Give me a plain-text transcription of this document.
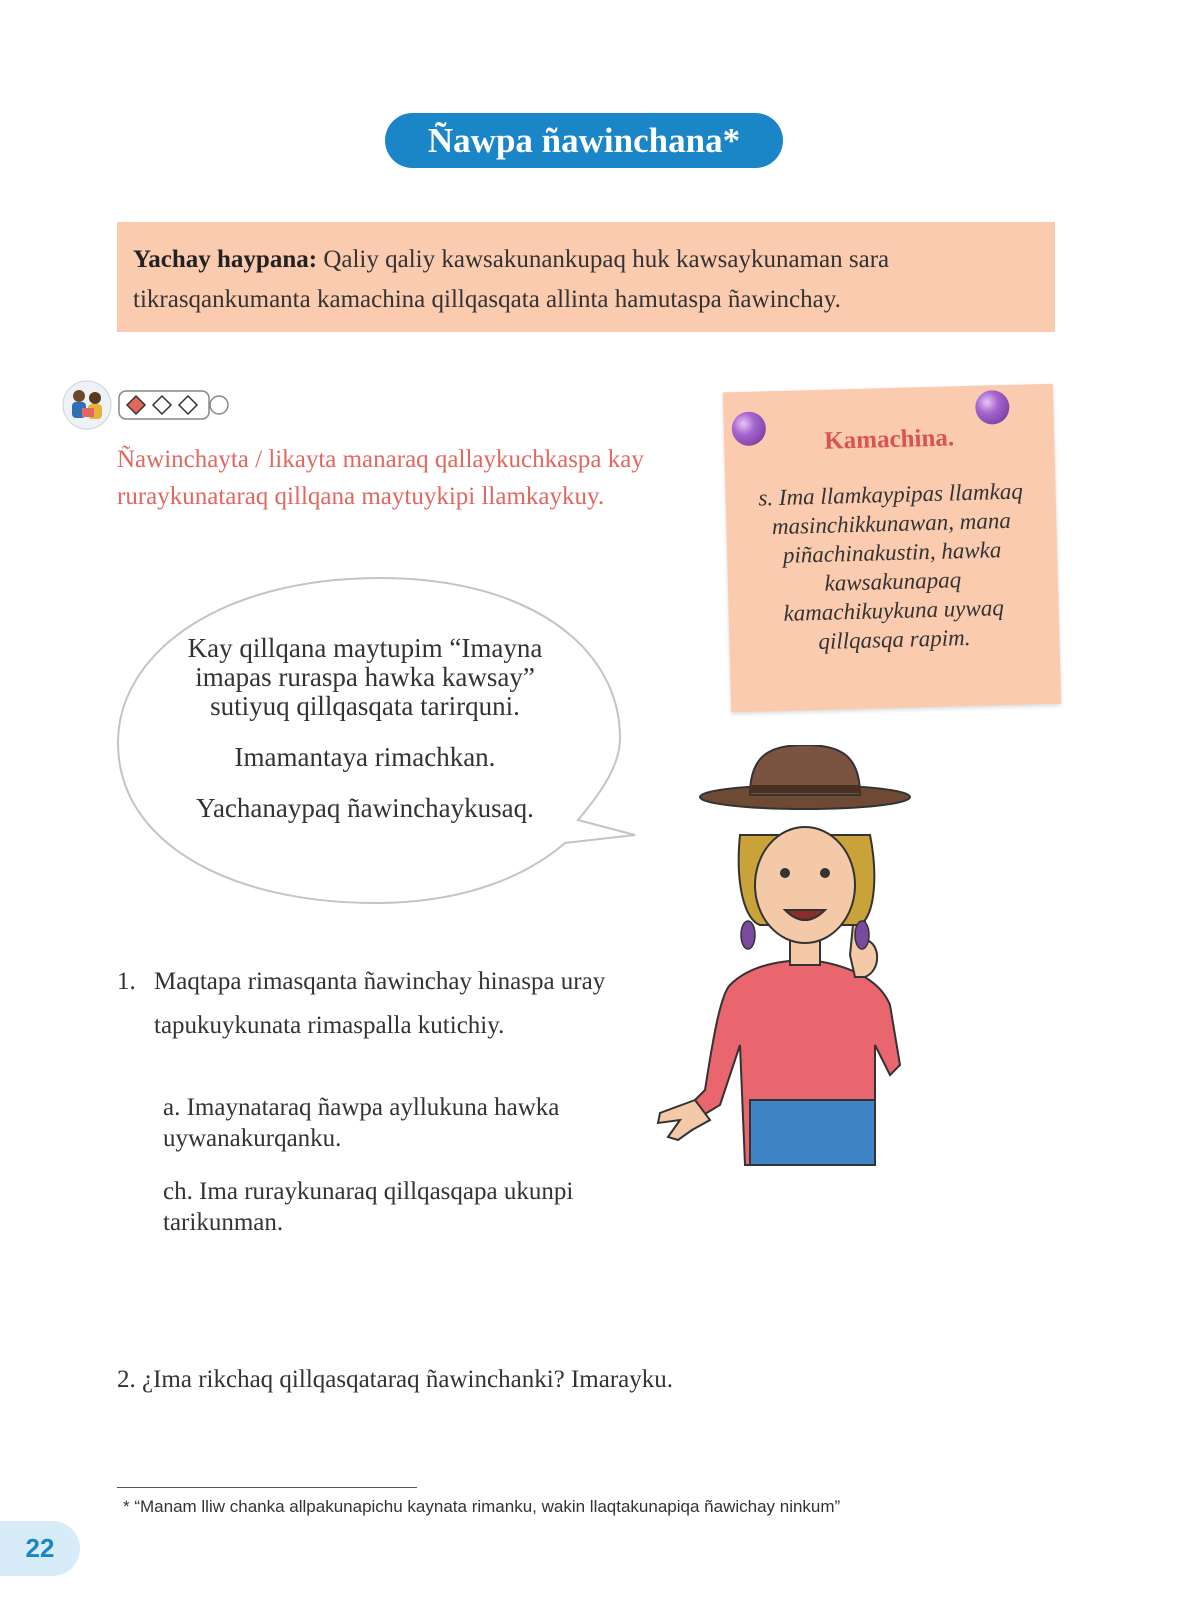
Ñawpa ñawinchana*
Yachay haypana: Qaliy qaliy kawsakunankupaq huk kawsaykunaman sara tikrasqankumanta kamachina qillqasqata allinta hamutaspa ñawinchay.
Ñawinchayta / likayta manaraq qallaykuchkaspa kay ruraykunataraq qillqana maytuykipi llamkaykuy.

Kay qillqana maytupim “Imayna imapas ruraspa hawka kawsay” sutiyuq qillqasqata tarirquni.

Imamantaya rimachkan.

Yachanaypaq ñawinchaykusaq.

Kamachina.
s. Ima llamkaypipas llamkaq masinchikkunawan, mana piñachinakustin, hawka kawsakunapaq kamachikuykuna uywaq qillqasqa rapim.
1. Maqtapa rimasqanta ñawinchay hinaspa uray tapukuykunata rimaspalla kutichiy.
a. Imaynataraq ñawpa ayllukuna hawka uywanakurqanku.
ch. Ima ruraykunaraq qillqasqapa ukunpi tarikunman.
2. ¿Ima rikchaq qillqasqataraq ñawinchanki? Imarayku.
* “Manam lliw chanka allpakunapichu kaynata rimanku, wakin llaqtakunapiqa ñawichay ninkum”
22
